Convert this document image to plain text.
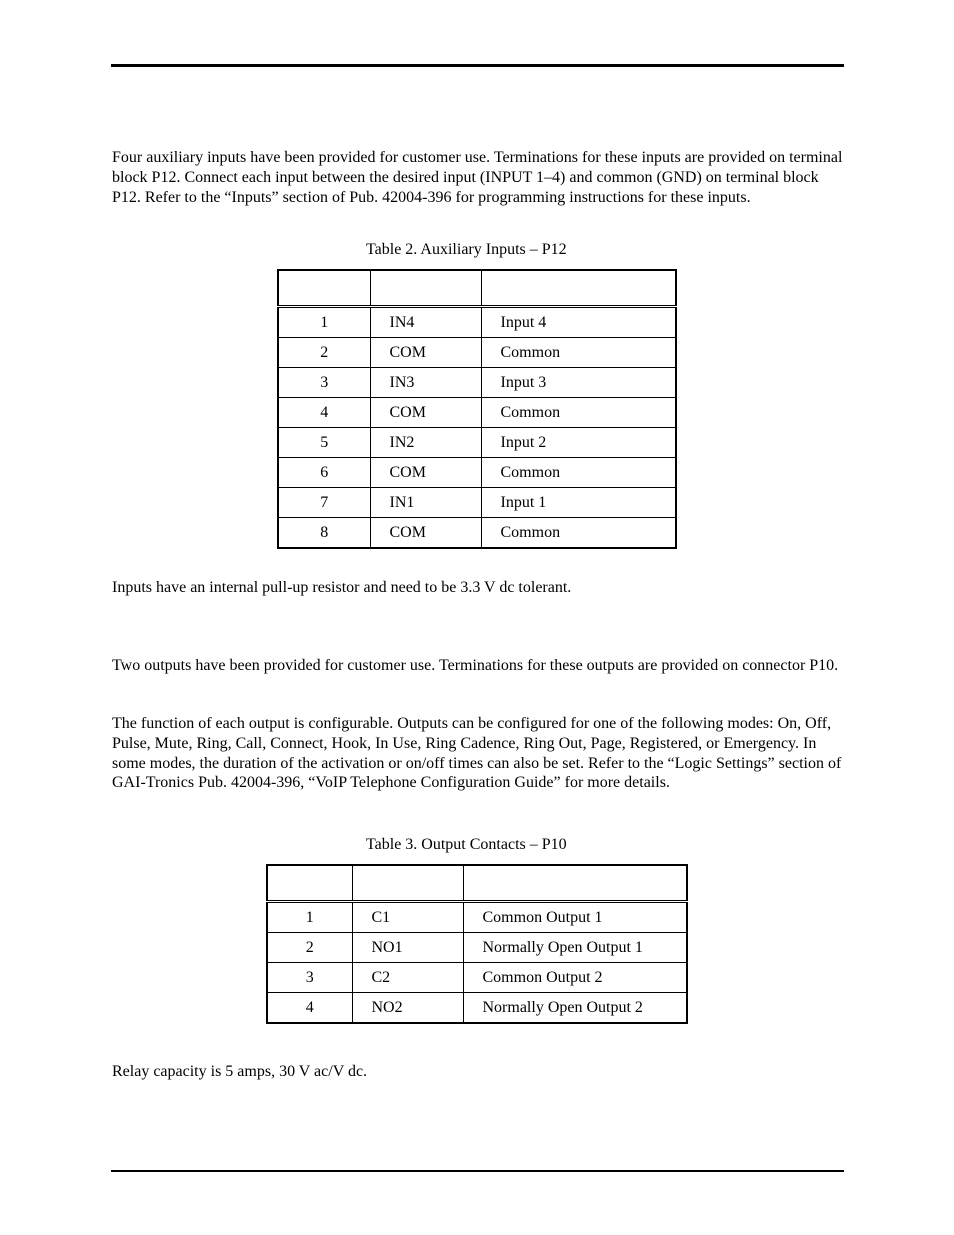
Four auxiliary inputs have been provided for customer use. Terminations for these inputs are provided on terminal block P12. Connect each input between the desired input (INPUT 1–4) and common (GND) on terminal block P12. Refer to the “Inputs” section of Pub. 42004-396 for programming instructions for these inputs.

Table 2. Auxiliary Inputs – P12

1	IN4	Input 4
2	COM	Common
3	IN3	Input 3
4	COM	Common
5	IN2	Input 2
6	COM	Common
7	IN1	Input 1
8	COM	Common

Inputs have an internal pull-up resistor and need to be 3.3 V dc tolerant.

Two outputs have been provided for customer use. Terminations for these outputs are provided on connector P10.

The function of each output is configurable. Outputs can be configured for one of the following modes: On, Off, Pulse, Mute, Ring, Call, Connect, Hook, In Use, Ring Cadence, Ring Out, Page, Registered, or Emergency. In some modes, the duration of the activation or on/off times can also be set. Refer to the “Logic Settings” section of GAI-Tronics Pub. 42004-396, “VoIP Telephone Configuration Guide” for more details.

Table 3. Output Contacts – P10

1	C1	Common Output 1
2	NO1	Normally Open Output 1
3	C2	Common Output 2
4	NO2	Normally Open Output 2

Relay capacity is 5 amps, 30 V ac/V dc.
